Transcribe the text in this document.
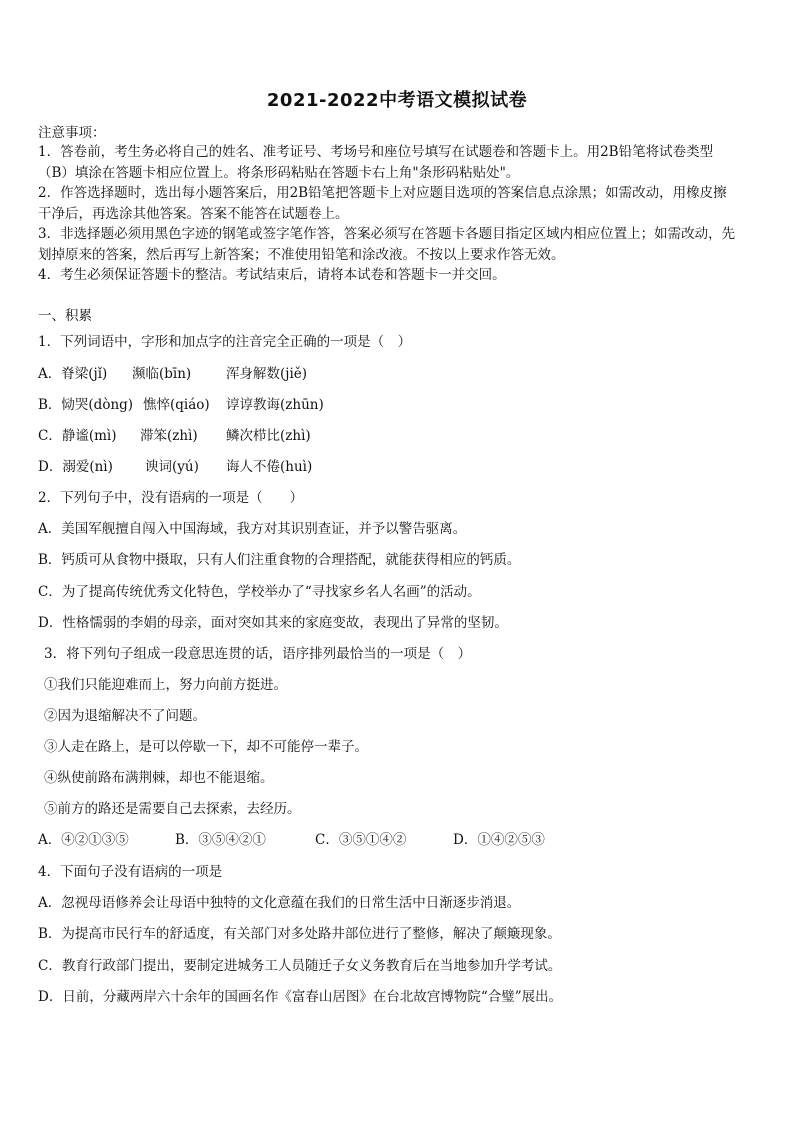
2021-2022中考语文模拟试卷
注意事项：
1．答卷前，考生务必将自己的姓名、准考证号、考场号和座位号填写在试题卷和答题卡上。用2B铅笔将试卷类型
（B）填涂在答题卡相应位置上。将条形码粘贴在答题卡右上角"条形码粘贴处"。
2．作答选择题时，选出每小题答案后，用2B铅笔把答题卡上对应题目选项的答案信息点涂黑；如需改动，用橡皮擦
干净后，再选涂其他答案。答案不能答在试题卷上。
3．非选择题必须用黑色字迹的钢笔或签字笔作答，答案必须写在答题卡各题目指定区域内相应位置上；如需改动，先
划掉原来的答案，然后再写上新答案；不准使用铅笔和涂改液。不按以上要求作答无效。
4．考生必须保证答题卡的整洁。考试结束后，请将本试卷和答题卡一并交回。
一、积累
1．下列词语中，字形和加点字的注音完全正确的一项是（　）
A．脊梁(jǐ) 濒临(bīn)	浑身解数(jiě)
B．恸哭(dòng) 憔悴(qiáo) 谆谆教诲(zhūn)
C．静谧(mì) 滞笨(zhì) 鳞次栉比(zhì)
D．溺爱(nì) 谀词(yú) 诲人不倦(huì)
2．下列句子中，没有语病的一项是（　　）
A．美国军舰擅自闯入中国海域，我方对其识别查证，并予以警告驱离。
B．钙质可从食物中摄取，只有人们注重食物的合理搭配，就能获得相应的钙质。
C．为了提高传统优秀文化特色，学校举办了“寻找家乡名人名画”的活动。
D．性格懦弱的李娟的母亲，面对突如其来的家庭变故，表现出了异常的坚韧。
3．将下列句子组成一段意思连贯的话，语序排列最恰当的一项是（　）
①我们只能迎难而上，努力向前方挺进。
②因为退缩解决不了问题。
③人走在路上，是可以停歇一下，却不可能停一辈子。
④纵使前路布满荆棘，却也不能退缩。
⑤前方的路还是需要自己去探索，去经历。
A．④②①③⑤	B．③⑤④②①	C．③⑤①④②	D．①④②⑤③
4．下面句子没有语病的一项是
A．忽视母语修养会让母语中独特的文化意蕴在我们的日常生活中日渐逐步消退。
B．为提高市民行车的舒适度，有关部门对多处路井部位进行了整修，解决了颠簸现象。
C．教育行政部门提出，要制定进城务工人员随迁子女义务教育后在当地参加升学考试。
D．日前，分藏两岸六十余年的国画名作《富春山居图》在台北故宫博物院“合璧”展出。
